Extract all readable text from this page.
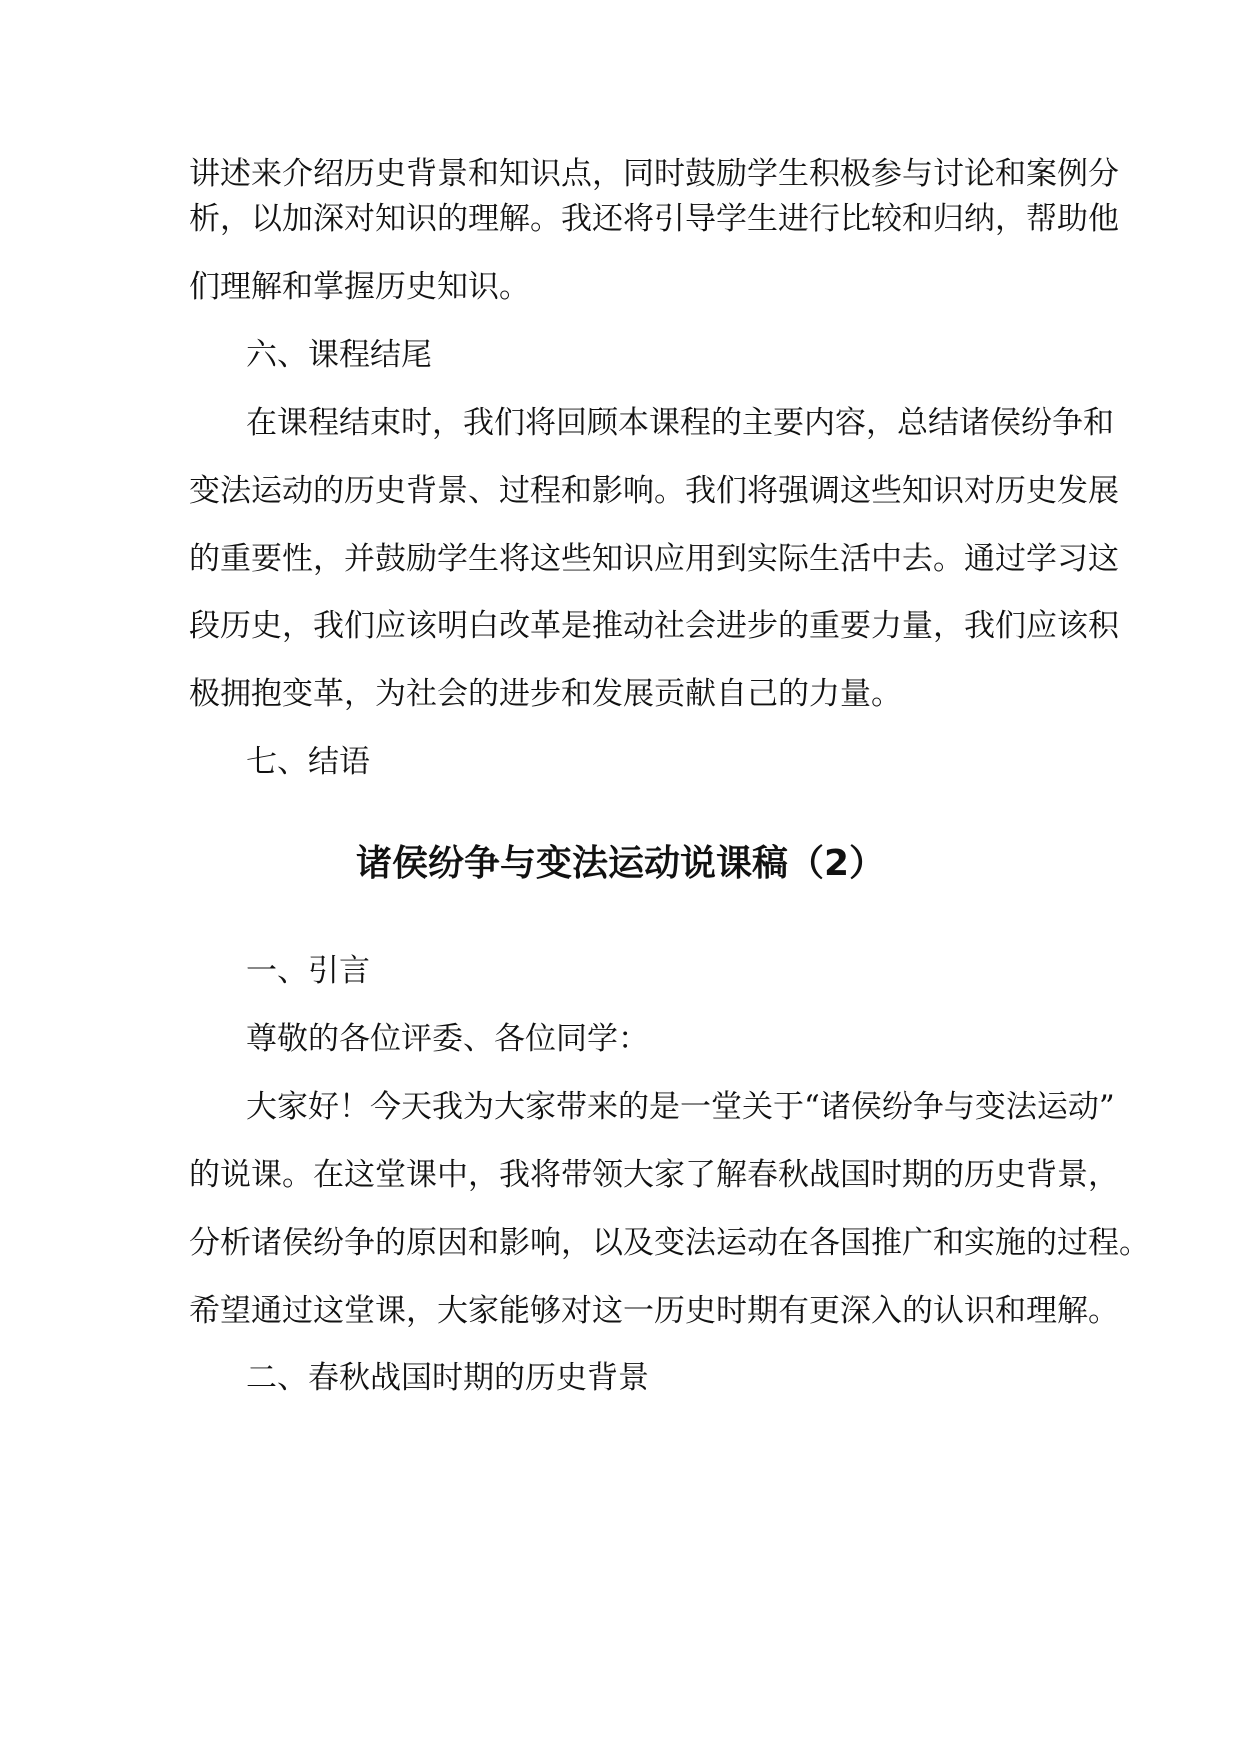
讲述来介绍历史背景和知识点，同时鼓励学生积极参与讨论和案例分
析，以加深对知识的理解。我还将引导学生进行比较和归纳，帮助他
们理解和掌握历史知识。
六、课程结尾
在课程结束时，我们将回顾本课程的主要内容，总结诸侯纷争和
变法运动的历史背景、过程和影响。我们将强调这些知识对历史发展
的重要性，并鼓励学生将这些知识应用到实际生活中去。通过学习这
段历史，我们应该明白改革是推动社会进步的重要力量，我们应该积
极拥抱变革，为社会的进步和发展贡献自己的力量。
七、结语
诸侯纷争与变法运动说课稿（2）
一、引言
尊敬的各位评委、各位同学：
大家好！今天我为大家带来的是一堂关于“诸侯纷争与变法运动”
的说课。在这堂课中，我将带领大家了解春秋战国时期的历史背景，
分析诸侯纷争的原因和影响，以及变法运动在各国推广和实施的过程。
希望通过这堂课，大家能够对这一历史时期有更深入的认识和理解。
二、春秋战国时期的历史背景
